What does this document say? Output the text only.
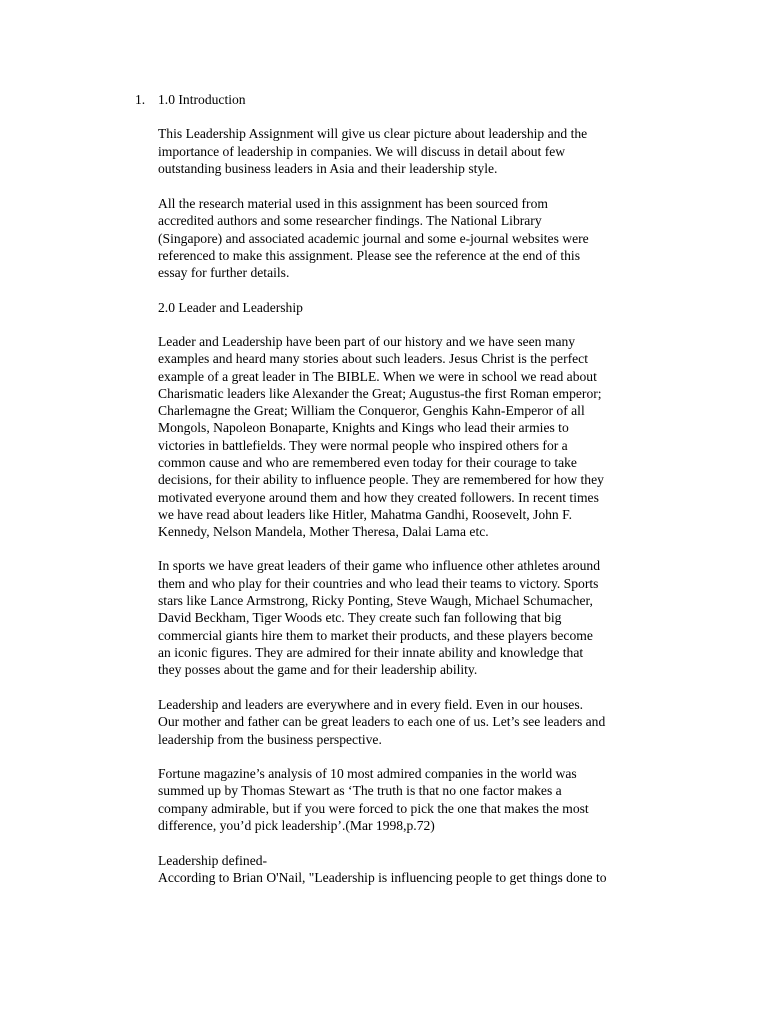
1. 1.0 Introduction
This Leadership Assignment will give us clear picture about leadership and the
importance of leadership in companies. We will discuss in detail about few
outstanding business leaders in Asia and their leadership style.
All the research material used in this assignment has been sourced from
accredited authors and some researcher findings. The National Library
(Singapore) and associated academic journal and some e-journal websites were
referenced to make this assignment. Please see the reference at the end of this
essay for further details.
2.0 Leader and Leadership
Leader and Leadership have been part of our history and we have seen many
examples and heard many stories about such leaders. Jesus Christ is the perfect
example of a great leader in The BIBLE. When we were in school we read about
Charismatic leaders like Alexander the Great; Augustus-the first Roman emperor;
Charlemagne the Great; William the Conqueror, Genghis Kahn-Emperor of all
Mongols, Napoleon Bonaparte, Knights and Kings who lead their armies to
victories in battlefields. They were normal people who inspired others for a
common cause and who are remembered even today for their courage to take
decisions, for their ability to influence people. They are remembered for how they
motivated everyone around them and how they created followers. In recent times
we have read about leaders like Hitler, Mahatma Gandhi, Roosevelt, John F.
Kennedy, Nelson Mandela, Mother Theresa, Dalai Lama etc.
In sports we have great leaders of their game who influence other athletes around
them and who play for their countries and who lead their teams to victory. Sports
stars like Lance Armstrong, Ricky Ponting, Steve Waugh, Michael Schumacher,
David Beckham, Tiger Woods etc. They create such fan following that big
commercial giants hire them to market their products, and these players become
an iconic figures. They are admired for their innate ability and knowledge that
they posses about the game and for their leadership ability.
Leadership and leaders are everywhere and in every field. Even in our houses.
Our mother and father can be great leaders to each one of us. Let’s see leaders and
leadership from the business perspective.
Fortune magazine’s analysis of 10 most admired companies in the world was
summed up by Thomas Stewart as ‘The truth is that no one factor makes a
company admirable, but if you were forced to pick the one that makes the most
difference, you’d pick leadership’.(Mar 1998,p.72)
Leadership defined-
According to Brian O'Nail, "Leadership is influencing people to get things done to
